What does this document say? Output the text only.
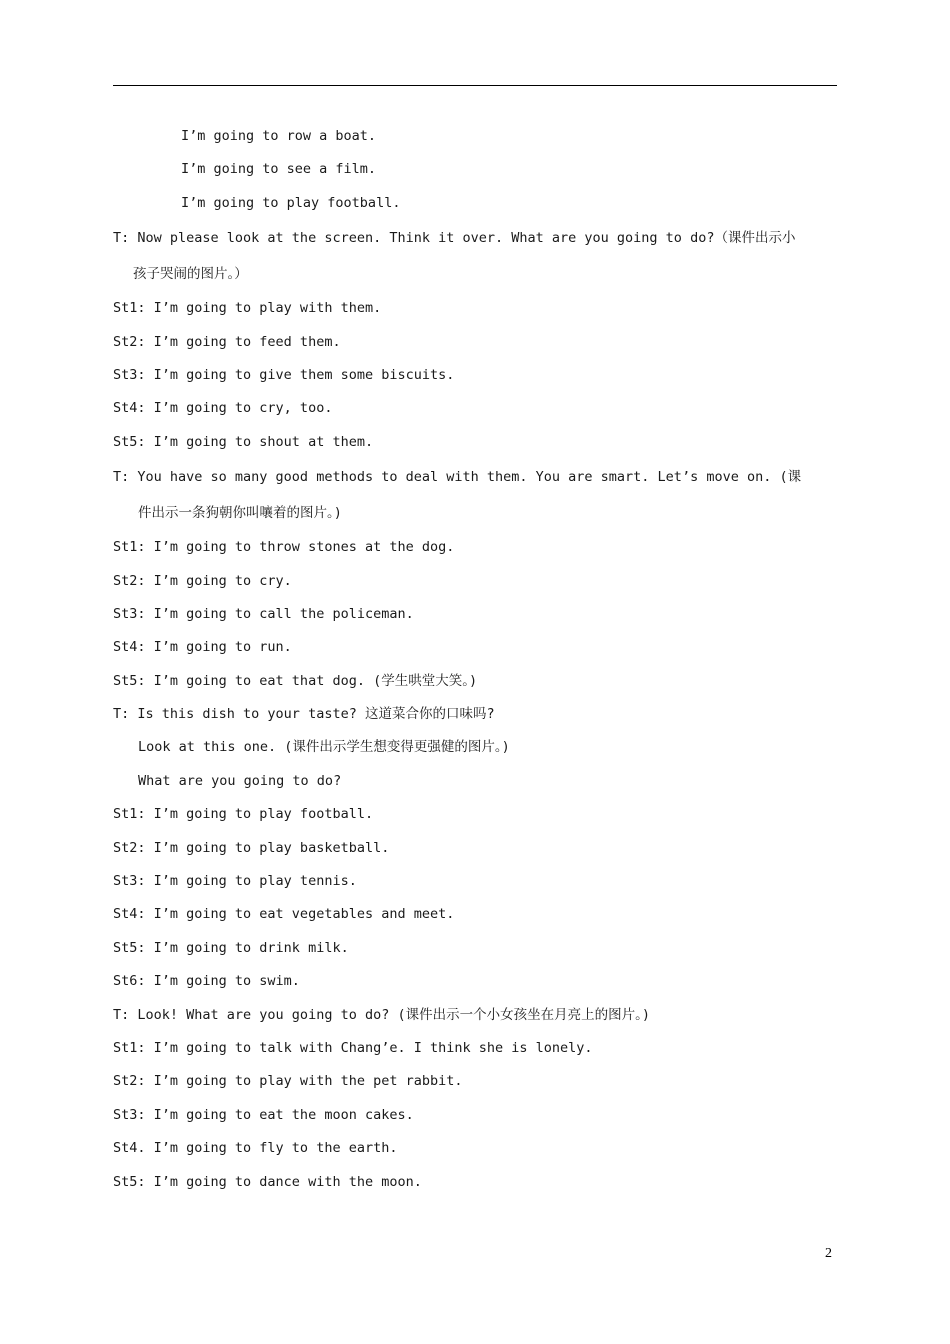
I’m going to row a boat.
I’m going to see a film.
I’m going to play football.
T: Now please look at the screen. Think it over. What are you going to do?（课件出示小
孩子哭闹的图片。）
St1: I’m going to play with them.
St2: I’m going to feed them.
St3: I’m going to give them some biscuits.
St4: I’m going to cry, too.
St5: I’m going to shout at them.
T: You have so many good methods to deal with them. You are smart. Let’s move on. (课
件出示一条狗朝你叫嚷着的图片。)
St1: I’m going to throw stones at the dog.
St2: I’m going to cry.
St3: I’m going to call the policeman.
St4: I’m going to run.
St5: I’m going to eat that dog. (学生哄堂大笑。)
T: Is this dish to your taste? 这道菜合你的口味吗?
Look at this one. (课件出示学生想变得更强健的图片。)
What are you going to do?
St1: I’m going to play football.
St2: I’m going to play basketball.
St3: I’m going to play tennis.
St4: I’m going to eat vegetables and meet.
St5: I’m going to drink milk.
St6: I’m going to swim.
T: Look! What are you going to do? (课件出示一个小女孩坐在月亮上的图片。)
St1: I’m going to talk with Chang’e. I think she is lonely.
St2: I’m going to play with the pet rabbit.
St3: I’m going to eat the moon cakes.
St4. I’m going to fly to the earth.
St5: I’m going to dance with the moon.
2
